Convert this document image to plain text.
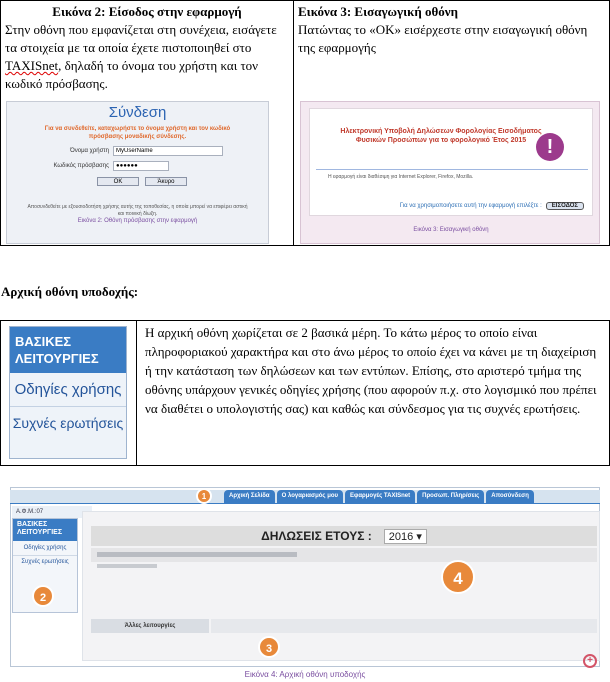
Εικόνα 2: Είσοδος στην εφαρμογή
Στην οθόνη που εμφανίζεται στη συνέχεια, εισάγετε τα στοιχεία με τα οποία έχετε πιστοποιηθεί στο TAXISnet, δηλαδή το όνομα του χρήστη και τον κωδικό πρόσβασης.	
Εικόνα 3: Εισαγωγική οθόνη
Πατώντας το «ΟΚ» εισέρχεστε στην εισαγωγική οθόνη της εφαρμογής
Σύνδεση
Για να συνδεθείτε, καταχωρήστε το όνομα χρήστη και τον κωδικό πρόσβασης μοναδικής σύνδεσης.
Όνομα χρήστη
MyUserName
Κωδικός πρόσβασης
●●●●●●
OK	Άκυρο
Αποσυνδεθείτε με εξουσιοδοτήση χρήσης αυτής της τοποθεσίας, η οποία μπορεί να επιφέρει αστική και ποινική δίωξη.
Εικόνα 2: Οθόνη πρόσβασης στην εφαρμογή
Ηλεκτρονική Υποβολή Δηλώσεων Φορολογίας Εισοδήματος Φυσικών Προσώπων για το φορολογικό Έτος 2015	!
Η εφαρμογή είναι διαθέσιμη για Internet Explorer, Firefox, Mozilla.
Για να χρησιμοποιήσετε αυτή την εφαρμογή επιλέξτε : ΕΙΣΟΔΟΣ
Εικόνα 3: Εισαγωγική οθόνη
Αρχική οθόνη υποδοχής:
ΒΑΣΙΚΕΣ ΛΕΙΤΟΥΡΓΙΕΣ
Οδηγίες χρήσης
Συχνές ερωτήσεις
Η αρχική οθόνη χωρίζεται σε 2 βασικά μέρη. Το κάτω μέρος το οποίο είναι πληροφοριακού χαρακτήρα και στο άνω μέρος το οποίο έχει να κάνει με τη διαχείριση ή την κατάσταση των δηλώσεων και των εντύπων. Επίσης, στο αριστερό τμήμα της οθόνης υπάρχουν γενικές οδηγίες χρήσης (που αφορούν π.χ. στο λογισμικό που πρέπει να διαθέτει ο υπολογιστής σας) και καθώς και σύνδεσμος για τις συχνές ερωτήσεις.
Αρχική Σελίδα	Ο λογαριασμός μου	Εφαρμογές TAXISnet	Προσωπ. Πληρ/σεις	Αποσύνδεση
1
Α.Φ.Μ.:07
ΒΑΣΙΚΕΣ ΛΕΙΤΟΥΡΓΙΕΣ
Οδηγίες χρήσης
Συχνές ερωτήσεις
2
ΔΗΛΩΣΕΙΣ ΕΤΟΥΣ :	2016 ▾
4
Άλλες λειτουργίες
3
+
Εικόνα 4: Αρχική οθόνη υποδοχής
